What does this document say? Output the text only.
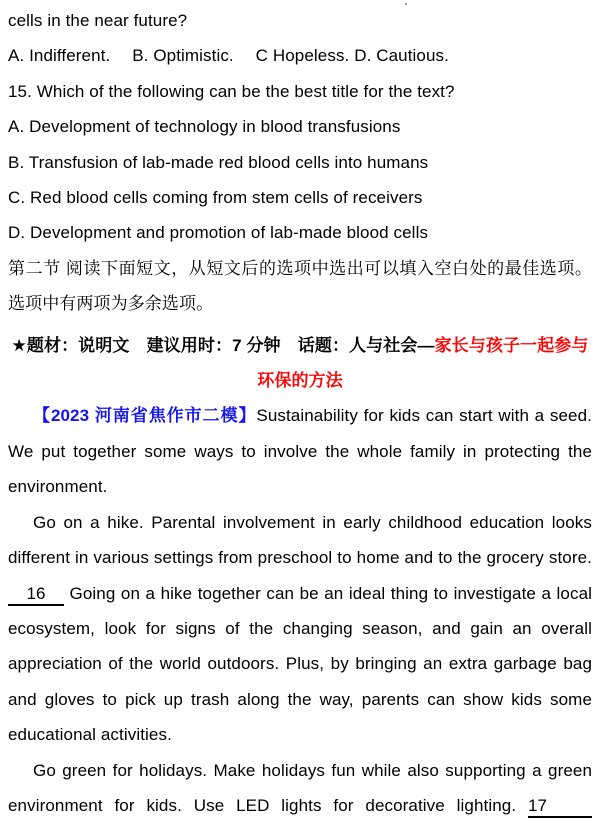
cells in the near future?

A. Indifferent.  B. Optimistic.  C Hopeless. D. Cautious.

15. Which of the following can be the best title for the text?

A. Development of technology in blood transfusions

B. Transfusion of lab-made red blood cells into humans

C. Red blood cells coming from stem cells of receivers

D. Development and promotion of lab-made blood cells

第二节 阅读下面短文，从短文后的选项中选出可以填入空白处的最佳选项。选项中有两项为多余选项。

★题材：说明文　建议用时：7 分钟　话题：人与社会—家长与孩子一起参与环保的方法

【2023 河南省焦作市二模】Sustainability for kids can start with a seed. We put together some ways to involve the whole family in protecting the environment.

Go on a hike. Parental involvement in early childhood education looks different in various settings from preschool to home and to the grocery store. 16 Going on a hike together can be an ideal thing to investigate a local ecosystem, look for signs of the changing season, and gain an overall appreciation of the world outdoors. Plus, by bringing an extra garbage bag and gloves to pick up trash along the way, parents can show kids some educational activities.

Go green for holidays. Make holidays fun while also supporting a green environment for kids. Use LED lights for decorative lighting. 17
